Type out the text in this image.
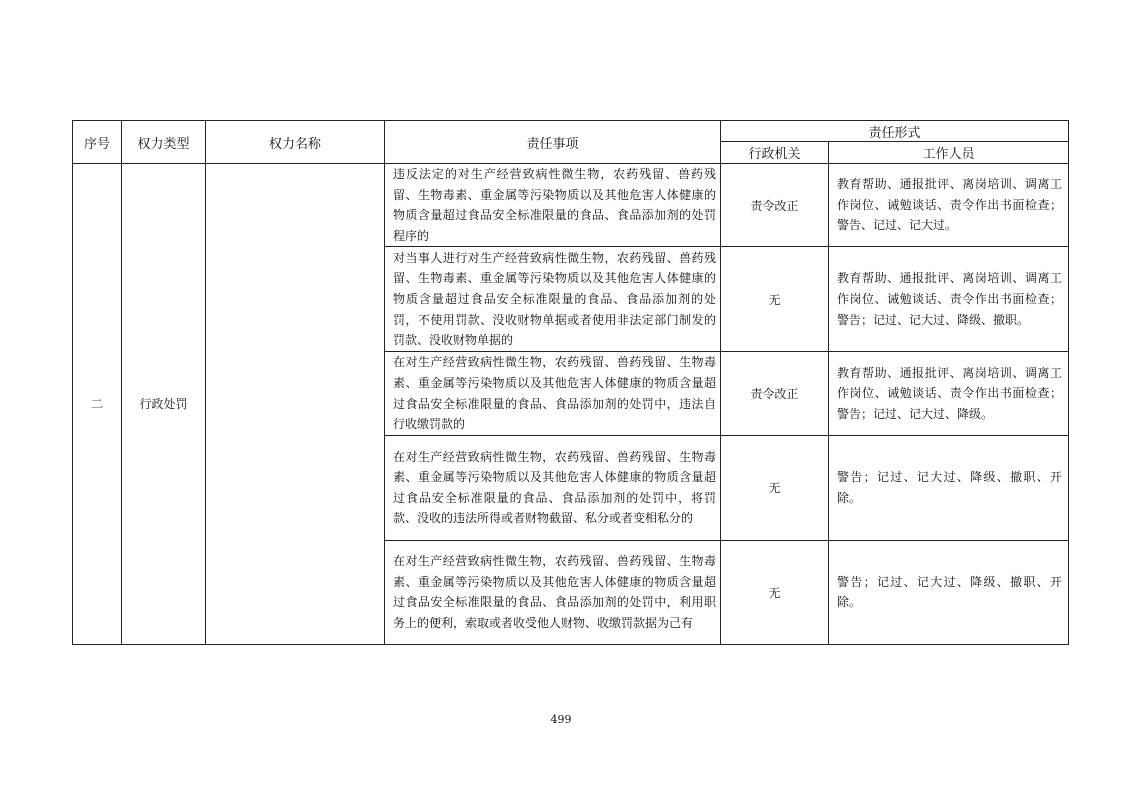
序号	权力类型	权力名称	责任事项	责任形式	
				行政机关	工作人员
二	行政处罚		违反法定的对生产经营致病性微生物，农药残留、兽药残留、生物毒素、重金属等污染物质以及其他危害人体健康的物质含量超过食品安全标准限量的食品、食品添加剂的处罚程序的	责令改正	教育帮助、通报批评、离岗培训、调离工作岗位、诫勉谈话、责令作出书面检查；警告、记过、记大过。
			对当事人进行对生产经营致病性微生物，农药残留、兽药残留、生物毒素、重金属等污染物质以及其他危害人体健康的物质含量超过食品安全标准限量的食品、食品添加剂的处罚，不使用罚款、没收财物单据或者使用非法定部门制发的罚款、没收财物单据的	无	教育帮助、通报批评、离岗培训、调离工作岗位、诫勉谈话、责令作出书面检查；警告；记过、记大过、降级、撤职。
			在对生产经营致病性微生物，农药残留、兽药残留、生物毒素、重金属等污染物质以及其他危害人体健康的物质含量超过食品安全标准限量的食品、食品添加剂的处罚中，违法自行收缴罚款的	责令改正	教育帮助、通报批评、离岗培训、调离工作岗位、诫勉谈话、责令作出书面检查；警告；记过、记大过、降级。
			在对生产经营致病性微生物，农药残留、兽药残留、生物毒素、重金属等污染物质以及其他危害人体健康的物质含量超过食品安全标准限量的食品、食品添加剂的处罚中，将罚款、没收的违法所得或者财物截留、私分或者变相私分的	无	警告；记过、记大过、降级、撤职、开除。
			在对生产经营致病性微生物，农药残留、兽药残留、生物毒素、重金属等污染物质以及其他危害人体健康的物质含量超过食品安全标准限量的食品、食品添加剂的处罚中，利用职务上的便利，索取或者收受他人财物、收缴罚款据为己有	无	警告；记过、记大过、降级、撤职、开除。
499
